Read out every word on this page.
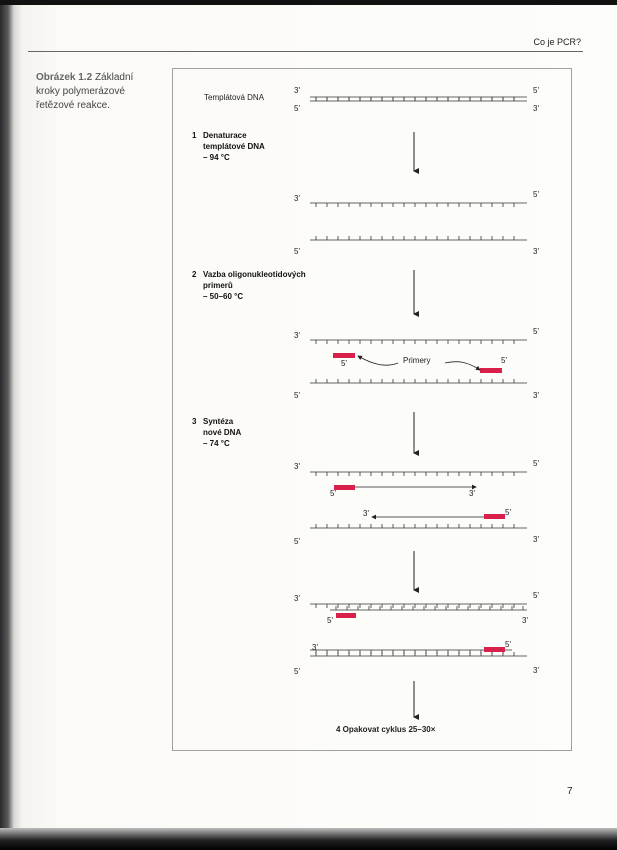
Co je PCR?
Obrázek 1.2 Základní kroky polymerázové řetězové reakce.
Templátová DNA
3'	5'
5'	3'
1 Denaturace
templátové DNA
– 94 °C
3'	5'
5'	3'
2 Vazba oligonukleotidových
primerů
– 50–60 °C
3'	5'
5'	Primery	5'
5'	3'
3 Syntéza
nové DNA
– 74 °C
3'	5'
5'	3'
3'	5'
5'	3'
3'	5'
5'	3'
3'	5'
5'	3'
4 Opakovat cyklus 25–30×
7
